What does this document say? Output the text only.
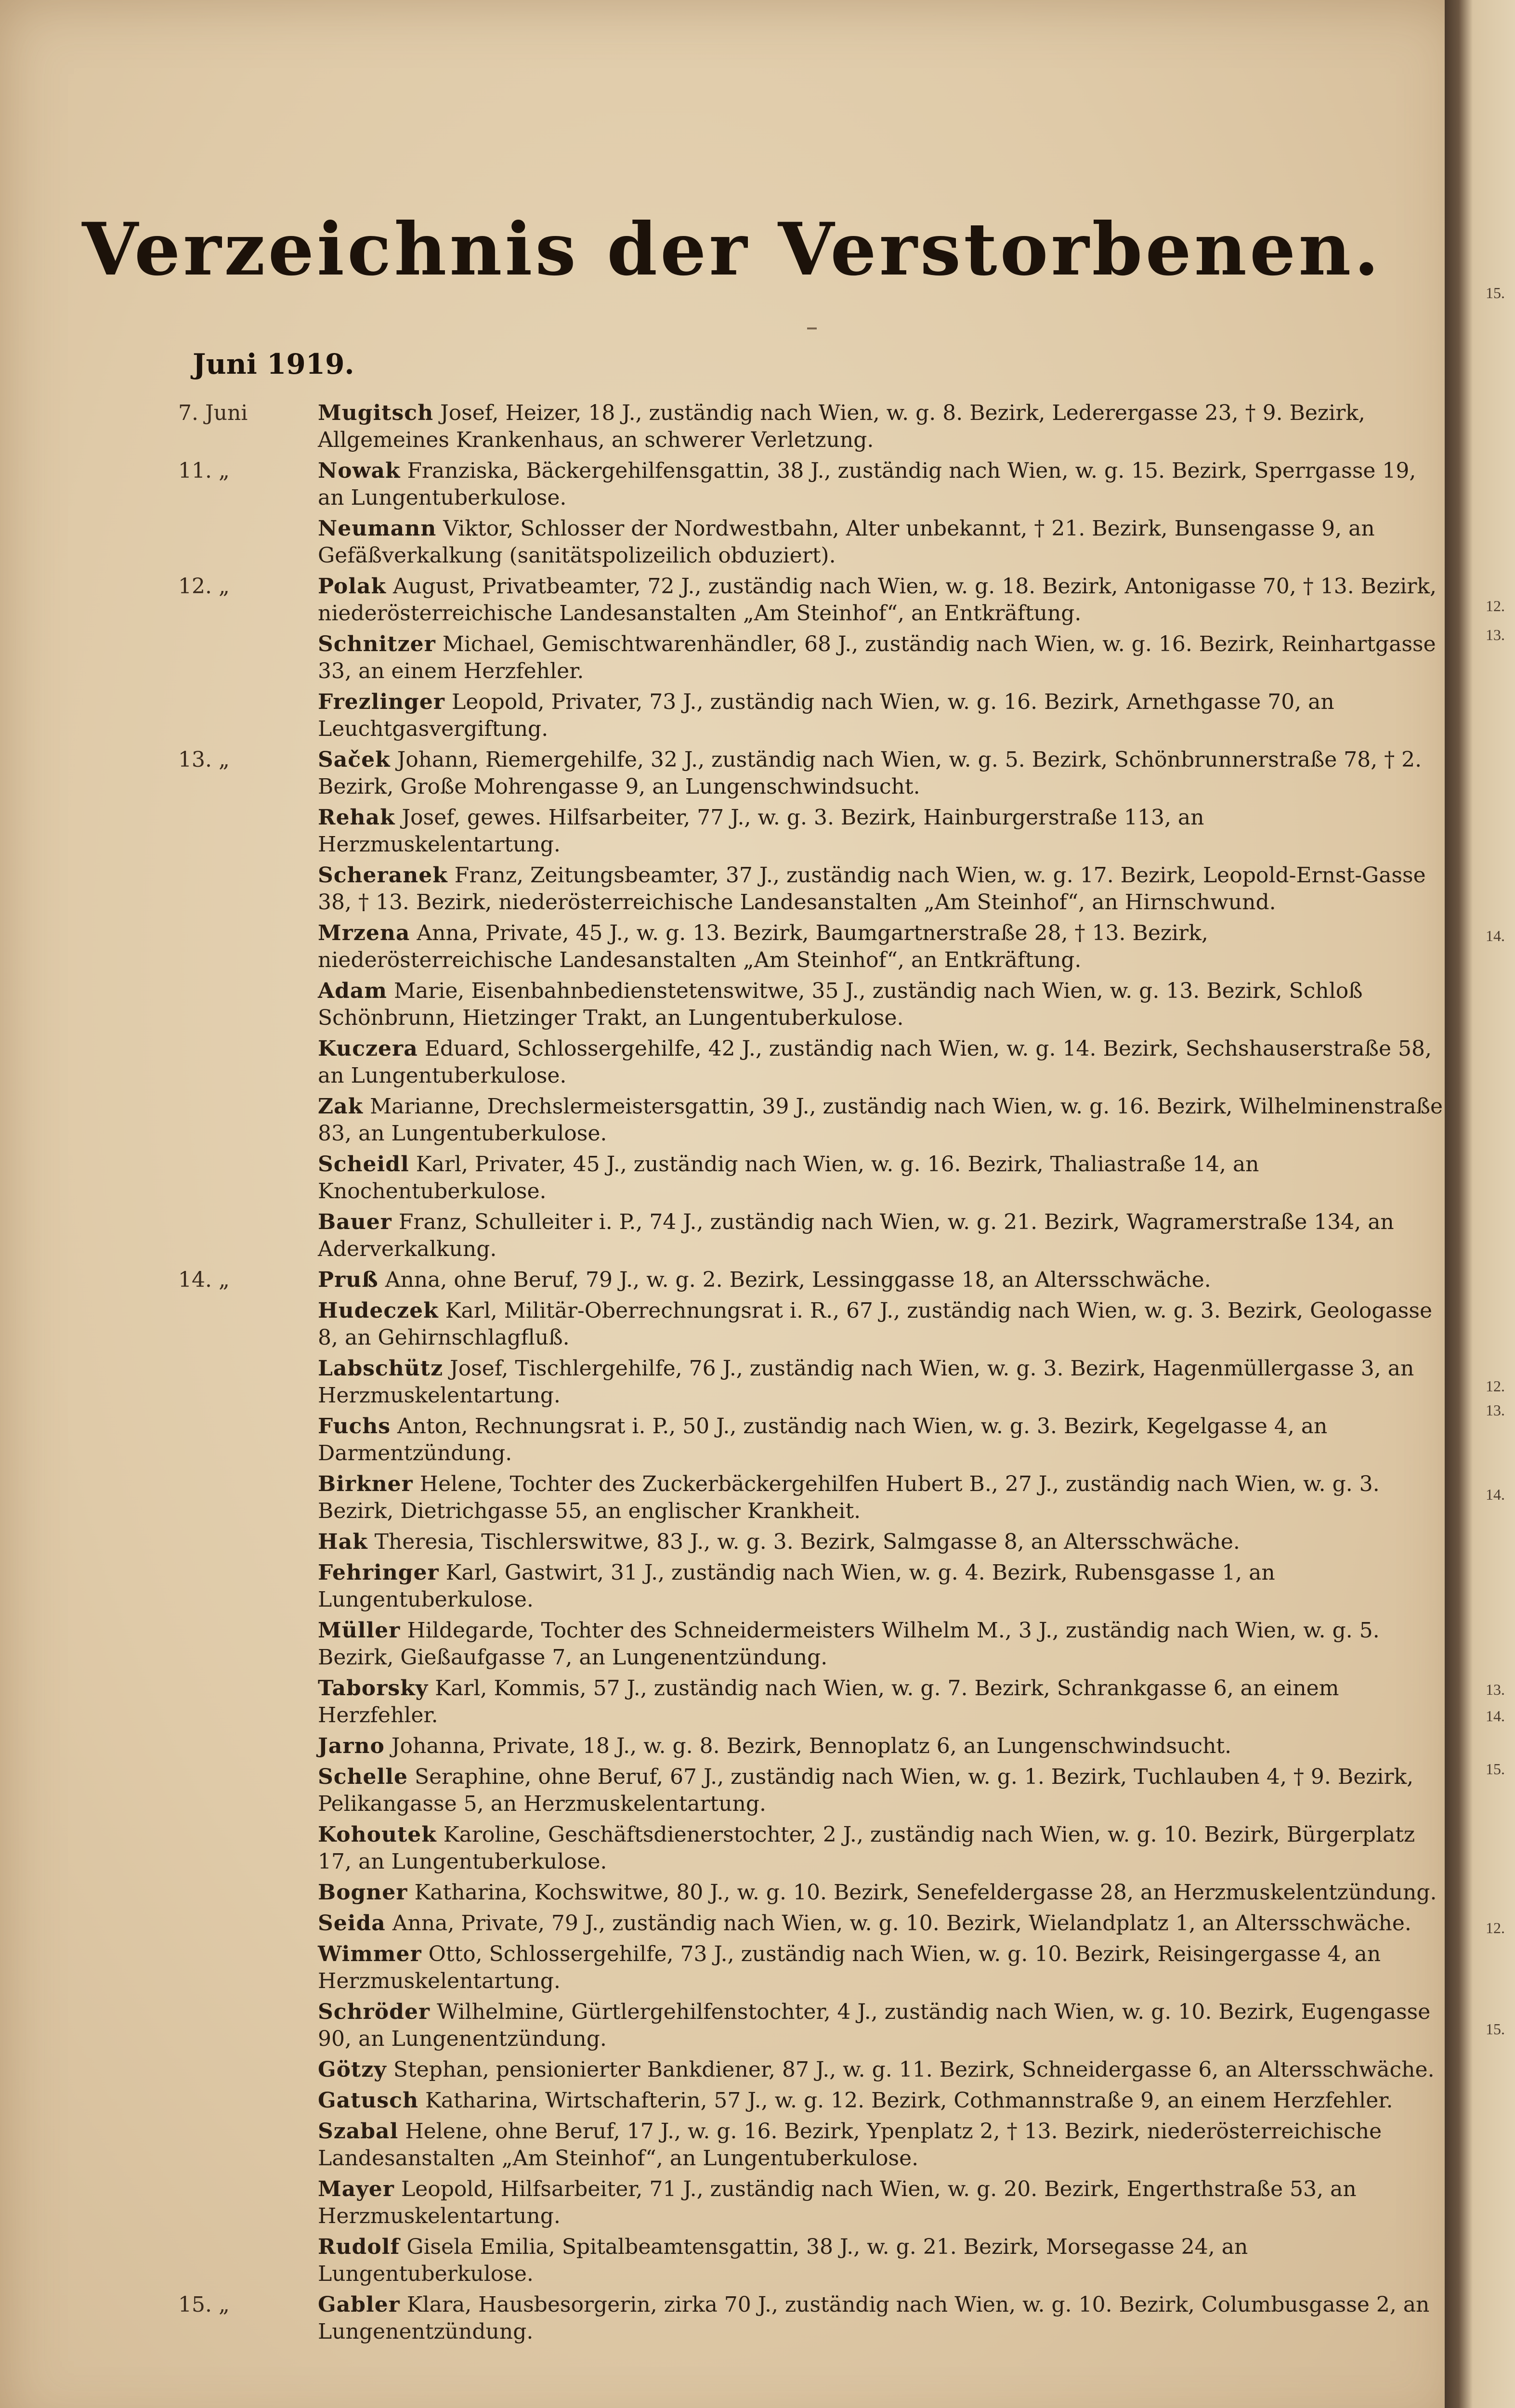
15.
12.
13.
14.
12.
13.
14.
13.
14.
15.
12.
15.
Verzeichnis der Verstorbenen.
Juni 1919.
7. Juni	Mugitsch Josef, Heizer, 18 J., zuständig nach Wien, w. g. 8. Bezirk, Lederergasse 23, † 9. Bezirk, Allgemeines Krankenhaus, an schwerer Verletzung.
11. „	Nowak Franziska, Bäckergehilfensgattin, 38 J., zuständig nach Wien, w. g. 15. Bezirk, Sperrgasse 19, an Lungentuberkulose.
Neumann Viktor, Schlosser der Nordwestbahn, Alter unbekannt, † 21. Bezirk, Bunsengasse 9, an Gefäßverkalkung (sanitätspolizeilich obduziert).
12. „	Polak August, Privatbeamter, 72 J., zuständig nach Wien, w. g. 18. Bezirk, Antonigasse 70, † 13. Bezirk, niederösterreichische Landesanstalten „Am Steinhof“, an Entkräftung.
Schnitzer Michael, Gemischtwarenhändler, 68 J., zuständig nach Wien, w. g. 16. Bezirk, Reinhartgasse 33, an einem Herzfehler.
Frezlinger Leopold, Privater, 73 J., zuständig nach Wien, w. g. 16. Bezirk, Arnethgasse 70, an Leuchtgasvergiftung.
13. „	Saček Johann, Riemergehilfe, 32 J., zuständig nach Wien, w. g. 5. Bezirk, Schönbrunnerstraße 78, † 2. Bezirk, Große Mohrengasse 9, an Lungenschwindsucht.
Rehak Josef, gewes. Hilfsarbeiter, 77 J., w. g. 3. Bezirk, Hainburgerstraße 113, an Herzmuskelentartung.
Scheranek Franz, Zeitungsbeamter, 37 J., zuständig nach Wien, w. g. 17. Bezirk, Leopold-Ernst-Gasse 38, † 13. Bezirk, niederösterreichische Landesanstalten „Am Steinhof“, an Hirnschwund.
Mrzena Anna, Private, 45 J., w. g. 13. Bezirk, Baumgartnerstraße 28, † 13. Bezirk, niederösterreichische Landesanstalten „Am Steinhof“, an Entkräftung.
Adam Marie, Eisenbahnbedienstetenswitwe, 35 J., zuständig nach Wien, w. g. 13. Bezirk, Schloß Schönbrunn, Hietzinger Trakt, an Lungentuberkulose.
Kuczera Eduard, Schlossergehilfe, 42 J., zuständig nach Wien, w. g. 14. Bezirk, Sechshauserstraße 58, an Lungentuberkulose.
Zak Marianne, Drechslermeistersgattin, 39 J., zuständig nach Wien, w. g. 16. Bezirk, Wilhelminenstraße 83, an Lungentuberkulose.
Scheidl Karl, Privater, 45 J., zuständig nach Wien, w. g. 16. Bezirk, Thaliastraße 14, an Knochentuberkulose.
Bauer Franz, Schulleiter i. P., 74 J., zuständig nach Wien, w. g. 21. Bezirk, Wagramerstraße 134, an Aderverkalkung.
14. „	Pruß Anna, ohne Beruf, 79 J., w. g. 2. Bezirk, Lessinggasse 18, an Altersschwäche.
Hudeczek Karl, Militär-Oberrechnungsrat i. R., 67 J., zuständig nach Wien, w. g. 3. Bezirk, Geologasse 8, an Gehirnschlagfluß.
Labschütz Josef, Tischlergehilfe, 76 J., zuständig nach Wien, w. g. 3. Bezirk, Hagenmüllergasse 3, an Herzmuskelentartung.
Fuchs Anton, Rechnungsrat i. P., 50 J., zuständig nach Wien, w. g. 3. Bezirk, Kegelgasse 4, an Darmentzündung.
Birkner Helene, Tochter des Zuckerbäckergehilfen Hubert B., 27 J., zuständig nach Wien, w. g. 3. Bezirk, Dietrichgasse 55, an englischer Krankheit.
Hak Theresia, Tischlerswitwe, 83 J., w. g. 3. Bezirk, Salmgasse 8, an Altersschwäche.
Fehringer Karl, Gastwirt, 31 J., zuständig nach Wien, w. g. 4. Bezirk, Rubensgasse 1, an Lungentuberkulose.
Müller Hildegarde, Tochter des Schneidermeisters Wilhelm M., 3 J., zuständig nach Wien, w. g. 5. Bezirk, Gießaufgasse 7, an Lungenentzündung.
Taborsky Karl, Kommis, 57 J., zuständig nach Wien, w. g. 7. Bezirk, Schrankgasse 6, an einem Herzfehler.
Jarno Johanna, Private, 18 J., w. g. 8. Bezirk, Bennoplatz 6, an Lungenschwindsucht.
Schelle Seraphine, ohne Beruf, 67 J., zuständig nach Wien, w. g. 1. Bezirk, Tuchlauben 4, † 9. Bezirk, Pelikangasse 5, an Herzmuskelentartung.
Kohoutek Karoline, Geschäftsdienerstochter, 2 J., zuständig nach Wien, w. g. 10. Bezirk, Bürgerplatz 17, an Lungentuberkulose.
Bogner Katharina, Kochswitwe, 80 J., w. g. 10. Bezirk, Senefeldergasse 28, an Herzmuskelentzündung.
Seida Anna, Private, 79 J., zuständig nach Wien, w. g. 10. Bezirk, Wielandplatz 1, an Altersschwäche.
Wimmer Otto, Schlossergehilfe, 73 J., zuständig nach Wien, w. g. 10. Bezirk, Reisingergasse 4, an Herzmuskelentartung.
Schröder Wilhelmine, Gürtlergehilfenstochter, 4 J., zuständig nach Wien, w. g. 10. Bezirk, Eugengasse 90, an Lungenentzündung.
Götzy Stephan, pensionierter Bankdiener, 87 J., w. g. 11. Bezirk, Schneidergasse 6, an Altersschwäche.
Gatusch Katharina, Wirtschafterin, 57 J., w. g. 12. Bezirk, Cothmannstraße 9, an einem Herzfehler.
Szabal Helene, ohne Beruf, 17 J., w. g. 16. Bezirk, Ypenplatz 2, † 13. Bezirk, niederösterreichische Landesanstalten „Am Steinhof“, an Lungentuberkulose.
Mayer Leopold, Hilfsarbeiter, 71 J., zuständig nach Wien, w. g. 20. Bezirk, Engerthstraße 53, an Herzmuskelentartung.
Rudolf Gisela Emilia, Spitalbeamtensgattin, 38 J., w. g. 21. Bezirk, Morsegasse 24, an Lungentuberkulose.
15. „	Gabler Klara, Hausbesorgerin, zirka 70 J., zuständig nach Wien, w. g. 10. Bezirk, Columbusgasse 2, an Lungenentzündung.
